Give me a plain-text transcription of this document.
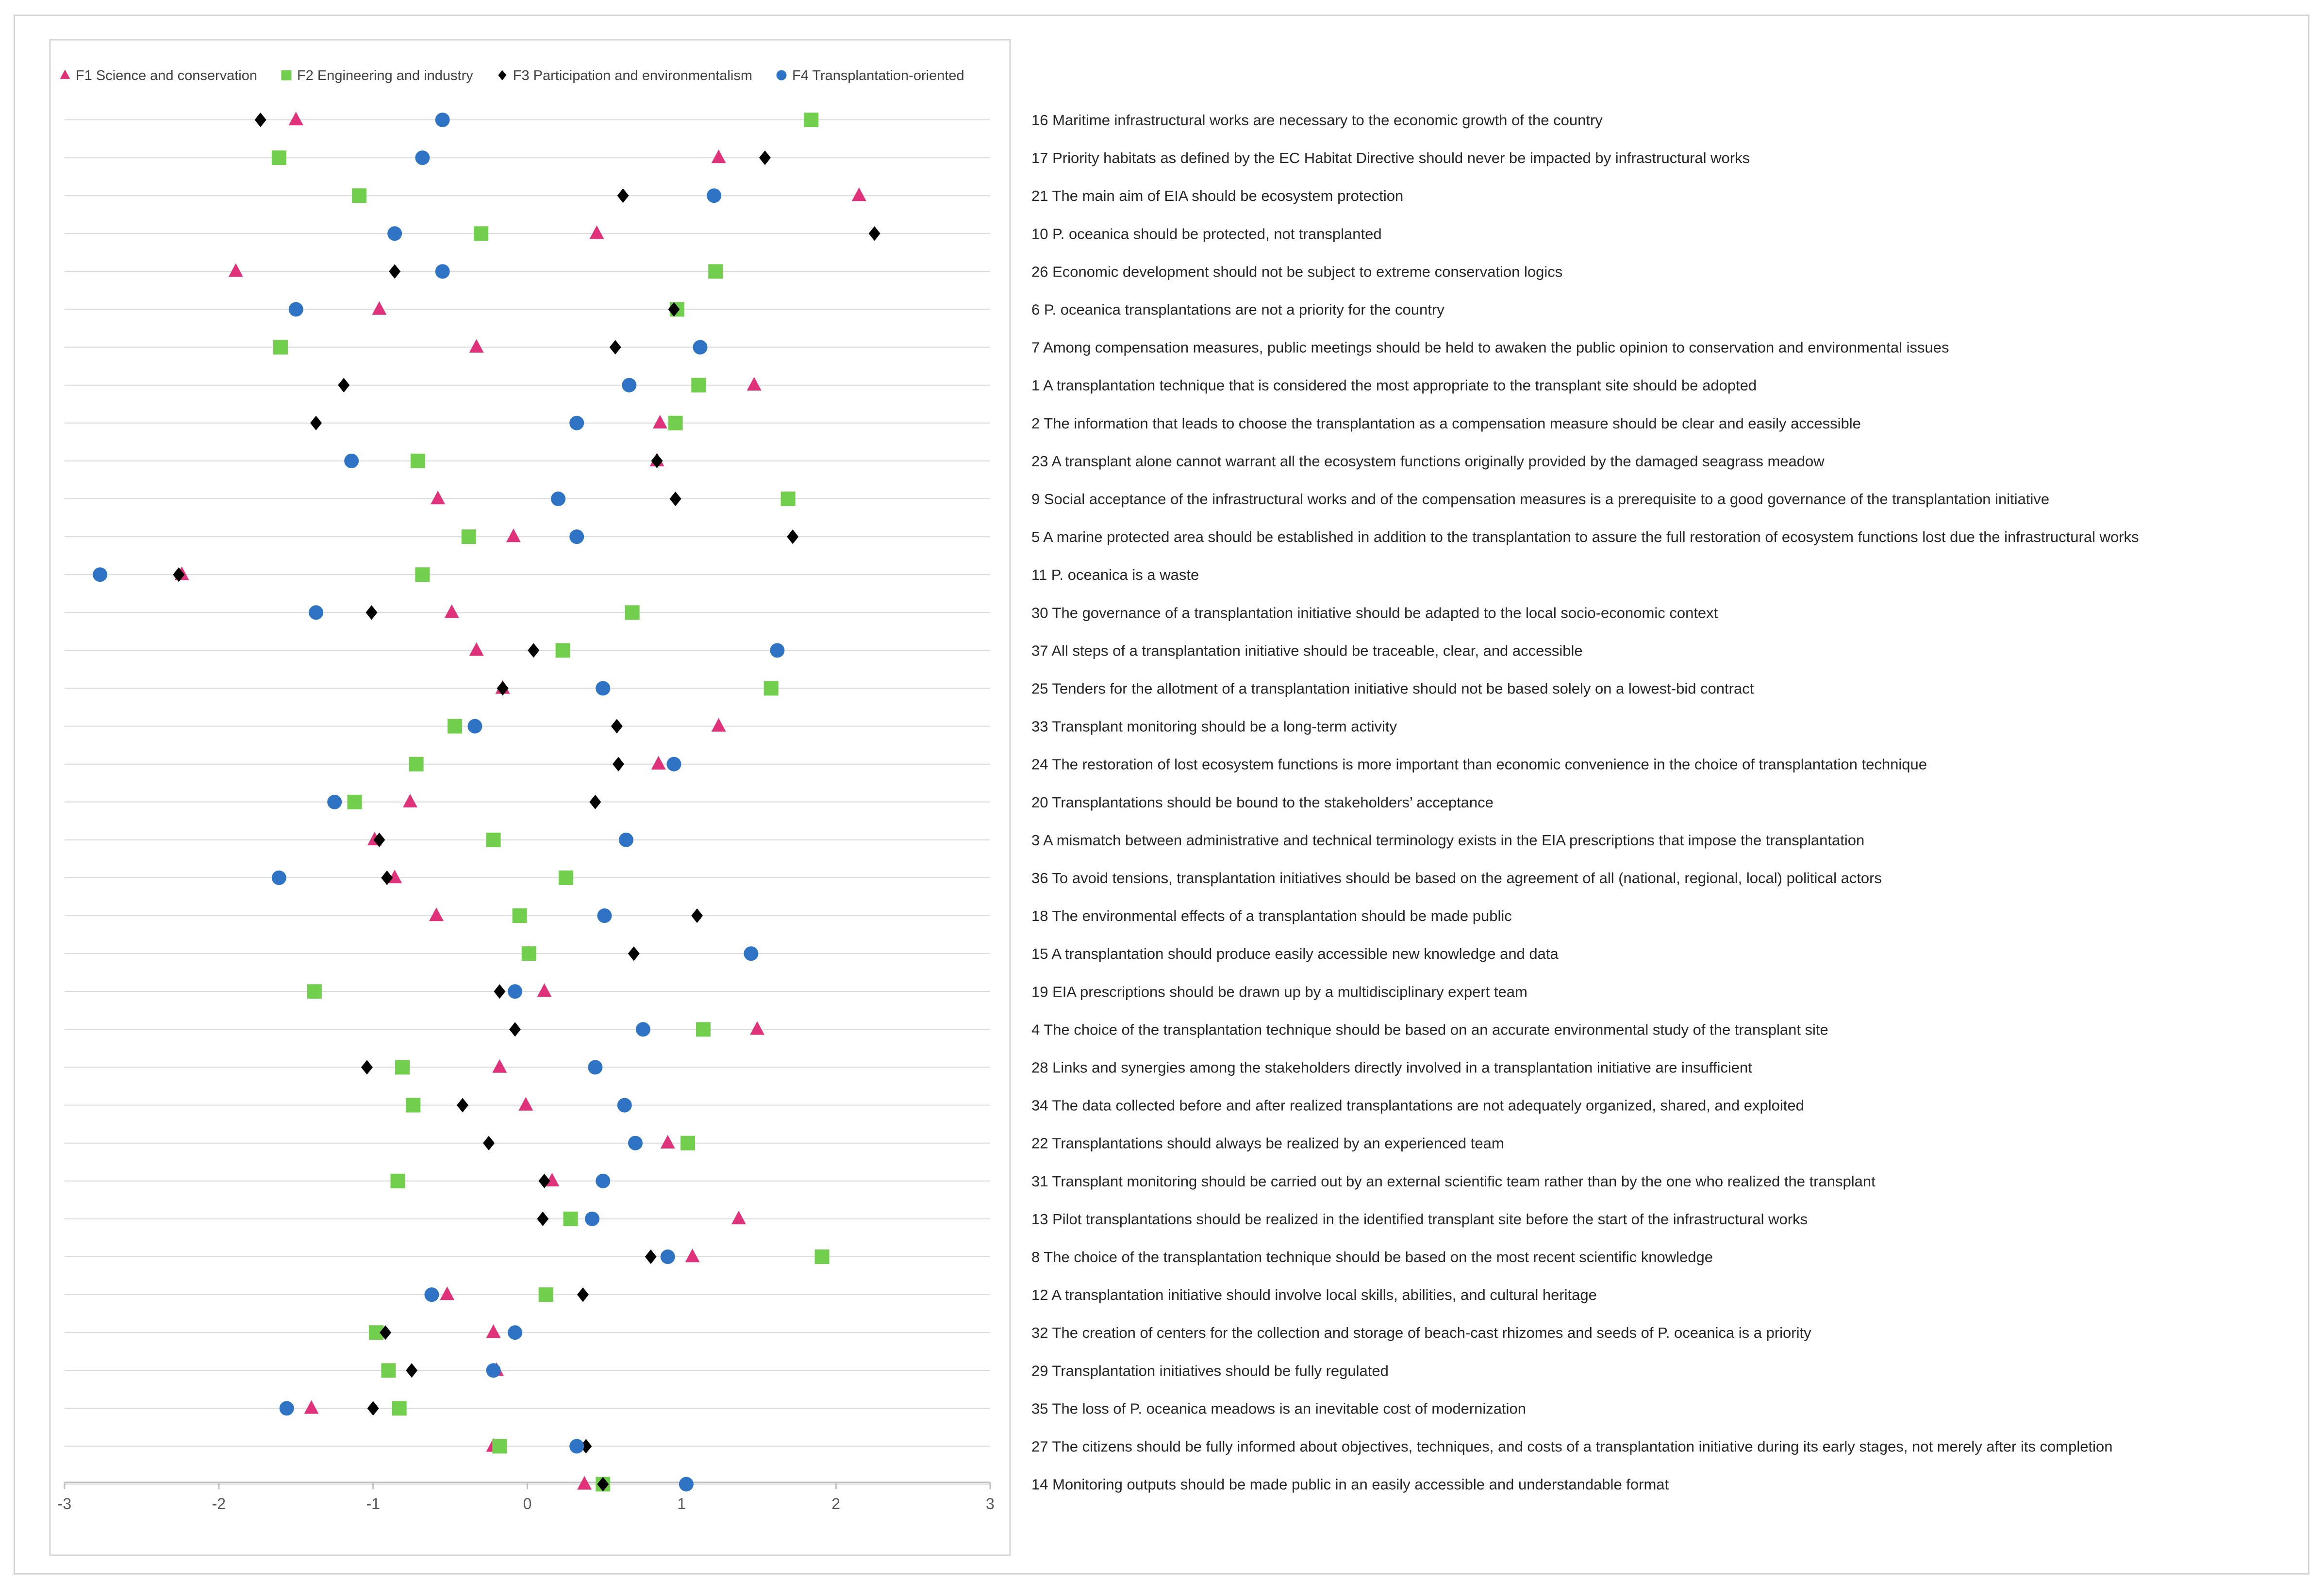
F1 Science and conservation	F2 Engineering and industry	F3 Participation and environmentalism	F4 Transplantation-oriented
-3	-2	-1	0	1	2	3
16 Maritime infrastructural works are necessary to the economic growth of the country
17 Priority habitats as defined by the EC Habitat Directive should never be impacted by infrastructural works
21 The main aim of EIA should be ecosystem protection
10 P. oceanica should be protected, not transplanted
26 Economic development should not be subject to extreme conservation logics
6 P. oceanica transplantations are not a priority for the country
7 Among compensation measures, public meetings should be held to awaken the public opinion to conservation and environmental issues
1 A transplantation technique that is considered the most appropriate to the transplant site should be adopted
2 The information that leads to choose the transplantation as a compensation measure should be clear and easily accessible
23 A transplant alone cannot warrant all the ecosystem functions originally provided by the damaged seagrass meadow
9 Social acceptance of the infrastructural works and of the compensation measures is a prerequisite to a good governance of the transplantation initiative
5 A marine protected area should be established in addition to the transplantation to assure the full restoration of ecosystem functions lost due the infrastructural works
11 P. oceanica is a waste
30 The governance of a transplantation initiative should be adapted to the local socio-economic context
37 All steps of a transplantation initiative should be traceable, clear, and accessible
25 Tenders for the allotment of a transplantation initiative should not be based solely on a lowest-bid contract
33 Transplant monitoring should be a long-term activity
24 The restoration of lost ecosystem functions is more important than economic convenience in the choice of transplantation technique
20 Transplantations should be bound to the stakeholders’ acceptance
3 A mismatch between administrative and technical terminology exists in the EIA prescriptions that impose the transplantation
36 To avoid tensions, transplantation initiatives should be based on the agreement of all (national, regional, local) political actors
18 The environmental effects of a transplantation should be made public
15 A transplantation should produce easily accessible new knowledge and data
19 EIA prescriptions should be drawn up by a multidisciplinary expert team
4 The choice of the transplantation technique should be based on an accurate environmental study of the transplant site
28 Links and synergies among the stakeholders directly involved in a transplantation initiative are insufficient
34 The data collected before and after realized transplantations are not adequately organized, shared, and exploited
22 Transplantations should always be realized by an experienced team
31 Transplant monitoring should be carried out by an external scientific team rather than by the one who realized the transplant
13 Pilot transplantations should be realized in the identified transplant site before the start of the infrastructural works
8 The choice of the transplantation technique should be based on the most recent scientific knowledge
12 A transplantation initiative should involve local skills, abilities, and cultural heritage
32 The creation of centers for the collection and storage of beach-cast rhizomes and seeds of P. oceanica is a priority
29 Transplantation initiatives should be fully regulated
35 The loss of P. oceanica meadows is an inevitable cost of modernization
27 The citizens should be fully informed about objectives, techniques, and costs of a transplantation initiative during its early stages, not merely after its completion
14 Monitoring outputs should be made public in an easily accessible and understandable format
